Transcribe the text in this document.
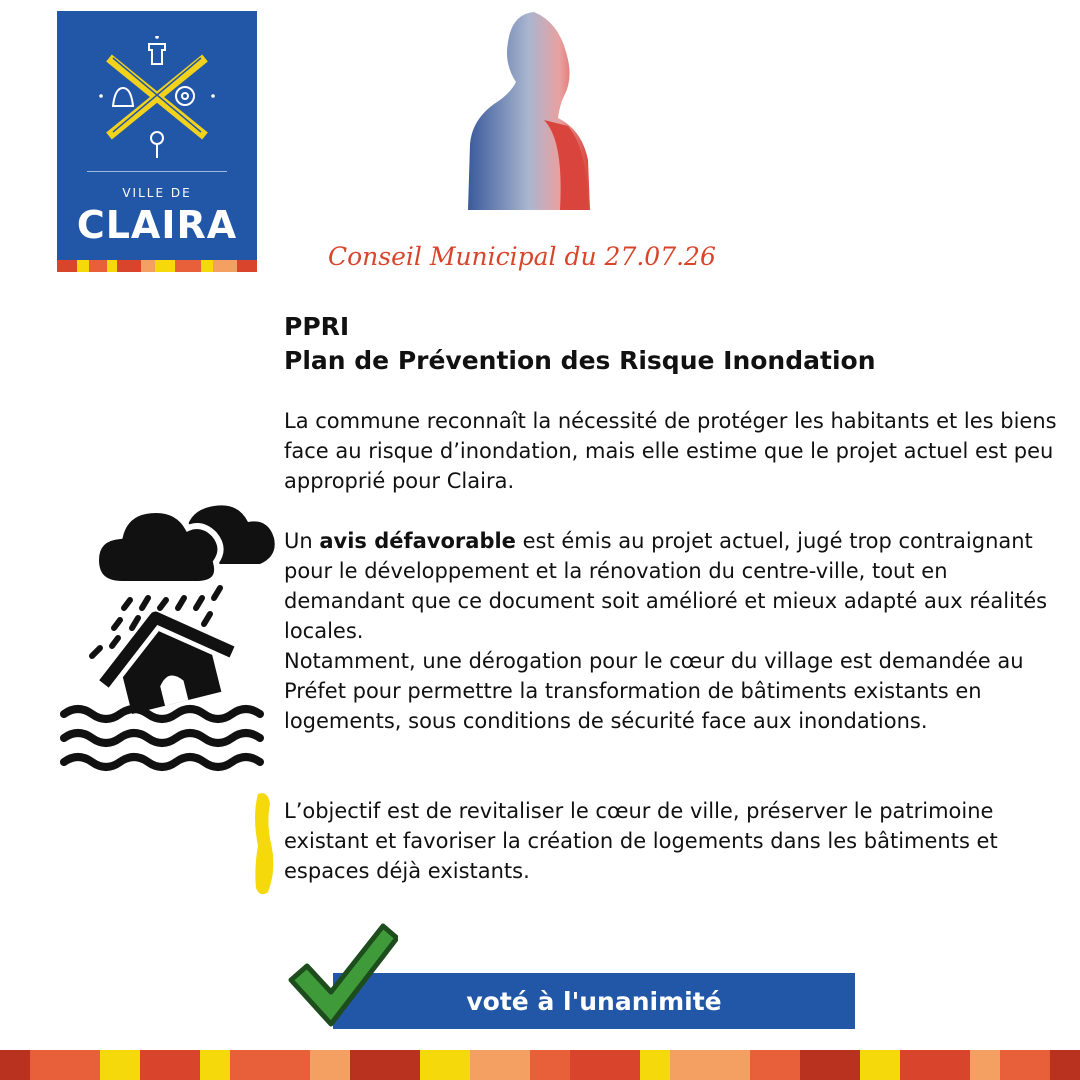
VILLE DE
CLAIRA
Conseil Municipal du 27.07.26
PPRI
Plan de Prévention des Risque Inondation

La commune reconnaît la nécessité de protéger les habitants et les biens face au risque d’inondation, mais elle estime que le projet actuel est peu approprié pour Claira.

Un avis défavorable est émis au projet actuel, jugé trop contraignant pour le développement et la rénovation du centre-ville, tout en demandant que ce document soit amélioré et mieux adapté aux réalités locales.
Notamment, une dérogation pour le cœur du village est demandée au Préfet pour permettre la transformation de bâtiments existants en logements, sous conditions de sécurité face aux inondations.

L’objectif est de revitaliser le cœur de ville, préserver le patrimoine existant et favoriser la création de logements dans les bâtiments et espaces déjà existants.

voté à l'unanimité
